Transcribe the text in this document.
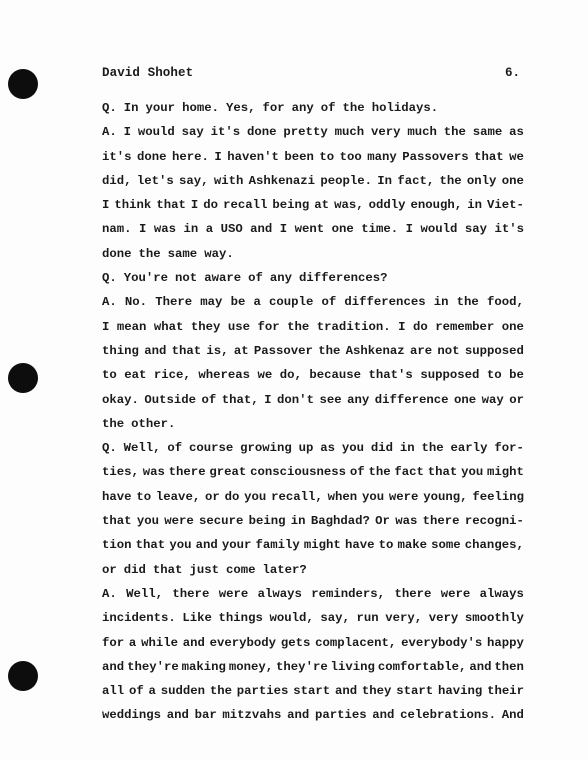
David Shohet	6.
Q. In your home. Yes, for any of the holidays.
A. I would say it's done pretty much very much the same as
it's done here. I haven't been to too many Passovers that we
did, let's say, with Ashkenazi people. In fact, the only one
I think that I do recall being at was, oddly enough, in Viet-
nam. I was in a USO and I went one time. I would say it's
done the same way.
Q. You're not aware of any differences?
A. No. There may be a couple of differences in the food,
I mean what they use for the tradition. I do remember one
thing and that is, at Passover the Ashkenaz are not supposed
to eat rice, whereas we do, because that's supposed to be
okay. Outside of that, I don't see any difference one way or
the other.
Q. Well, of course growing up as you did in the early for-
ties, was there great consciousness of the fact that you might
have to leave, or do you recall, when you were young, feeling
that you were secure being in Baghdad? Or was there recogni-
tion that you and your family might have to make some changes,
or did that just come later?
A. Well, there were always reminders, there were always
incidents. Like things would, say, run very, very smoothly
for a while and everybody gets complacent, everybody's happy
and they're making money, they're living comfortable, and then
all of a sudden the parties start and they start having their
weddings and bar mitzvahs and parties and celebrations. And
